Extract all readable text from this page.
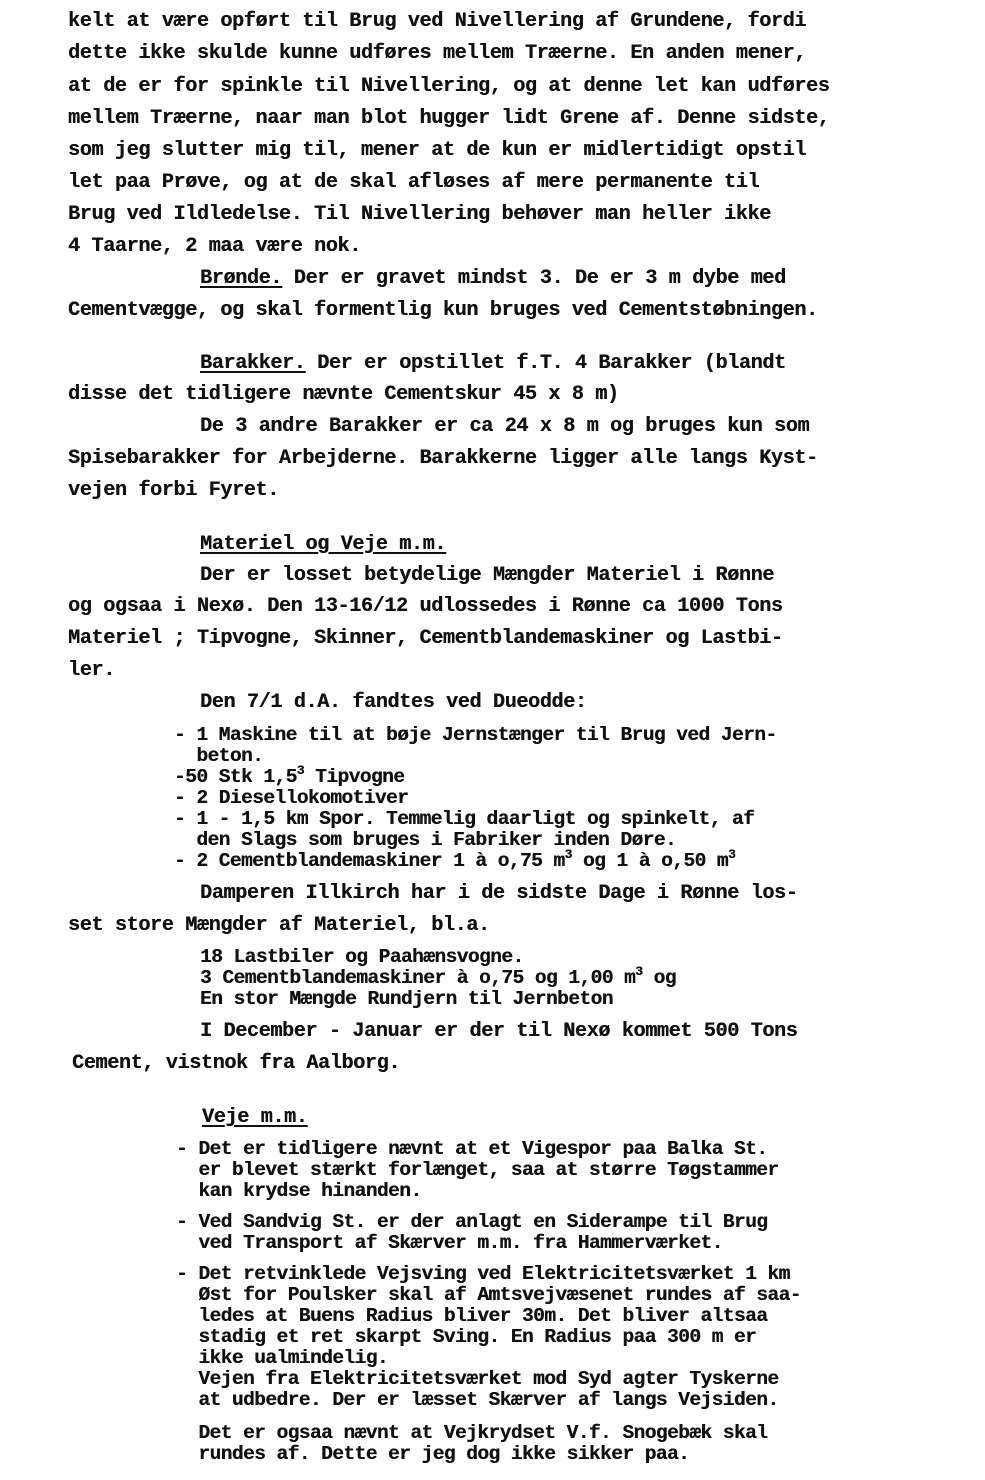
kelt at være opført til Brug ved Nivellering af Grundene, fordi
dette ikke skulde kunne udføres mellem Træerne. En anden mener,
at de er for spinkle til Nivellering, og at denne let kan udføres
mellem Træerne, naar man blot hugger lidt Grene af. Denne sidste,
som jeg slutter mig til, mener at de kun er midlertidigt opstil
let paa Prøve, og at de skal afløses af mere permanente til
Brug ved Ildledelse. Til Nivellering behøver man heller ikke
4 Taarne, 2 maa være nok.
Brønde. Der er gravet mindst 3. De er 3 m dybe med
Cementvægge, og skal formentlig kun bruges ved Cementstøbningen.
Barakker. Der er opstillet f.T. 4 Barakker (blandt
disse det tidligere nævnte Cementskur 45 x 8 m)
De 3 andre Barakker er ca 24 x 8 m og bruges kun som
Spisebarakker for Arbejderne. Barakkerne ligger alle langs Kyst-
vejen forbi Fyret.
Materiel og Veje m.m.
Der er losset betydelige Mængder Materiel i Rønne
og ogsaa i Nexø. Den 13-16/12 udlossedes i Rønne ca 1000 Tons
Materiel ; Tipvogne, Skinner, Cementblandemaskiner og Lastbi-
ler.
Den 7/1 d.A. fandtes ved Dueodde:
- 1 Maskine til at bøje Jernstænger til Brug ved Jern-
beton.
-50 Stk $1,5^3$ Tipvogne
- 2 Diesellokomotiver
- 1 - 1,5 km Spor. Temmelig daarligt og spinkelt, af
den Slags som bruges i Fabriker inden Døre.
- 2 Cementblandemaskiner 1 à o,75 $m^3$ og 1 à o,50 $m^3$
Damperen Illkirch har i de sidste Dage i Rønne los-
set store Mængder af Materiel, bl.a.
18 Lastbiler og Paahænsvogne.
3 Cementblandemaskiner à o,75 og 1,00 $m^3$ og
En stor Mængde Rundjern til Jernbeton
I December - Januar er der til Nexø kommet 500 Tons
Cement, vistnok fra Aalborg.
Veje m.m.
- Det er tidligere nævnt at et Vigespor paa Balka St.
er blevet stærkt forlænget, saa at større Tøgstammer
kan krydse hinanden.
- Ved Sandvig St. er der anlagt en Siderampe til Brug
ved Transport af Skærver m.m. fra Hammerværket.
- Det retvinklede Vejsving ved Elektricitetsværket 1 km
Øst for Poulsker skal af Amtsvejvæsenet rundes af saa-
ledes at Buens Radius bliver 30m. Det bliver altsaa
stadig et ret skarpt Sving. En Radius paa 300 m er
ikke ualmindelig.
Vejen fra Elektricitetsværket mod Syd agter Tyskerne
at udbedre. Der er læsset Skærver af langs Vejsiden.
Det er ogsaa nævnt at Vejkrydset V.f. Snogebæk skal
rundes af. Dette er jeg dog ikke sikker paa.
